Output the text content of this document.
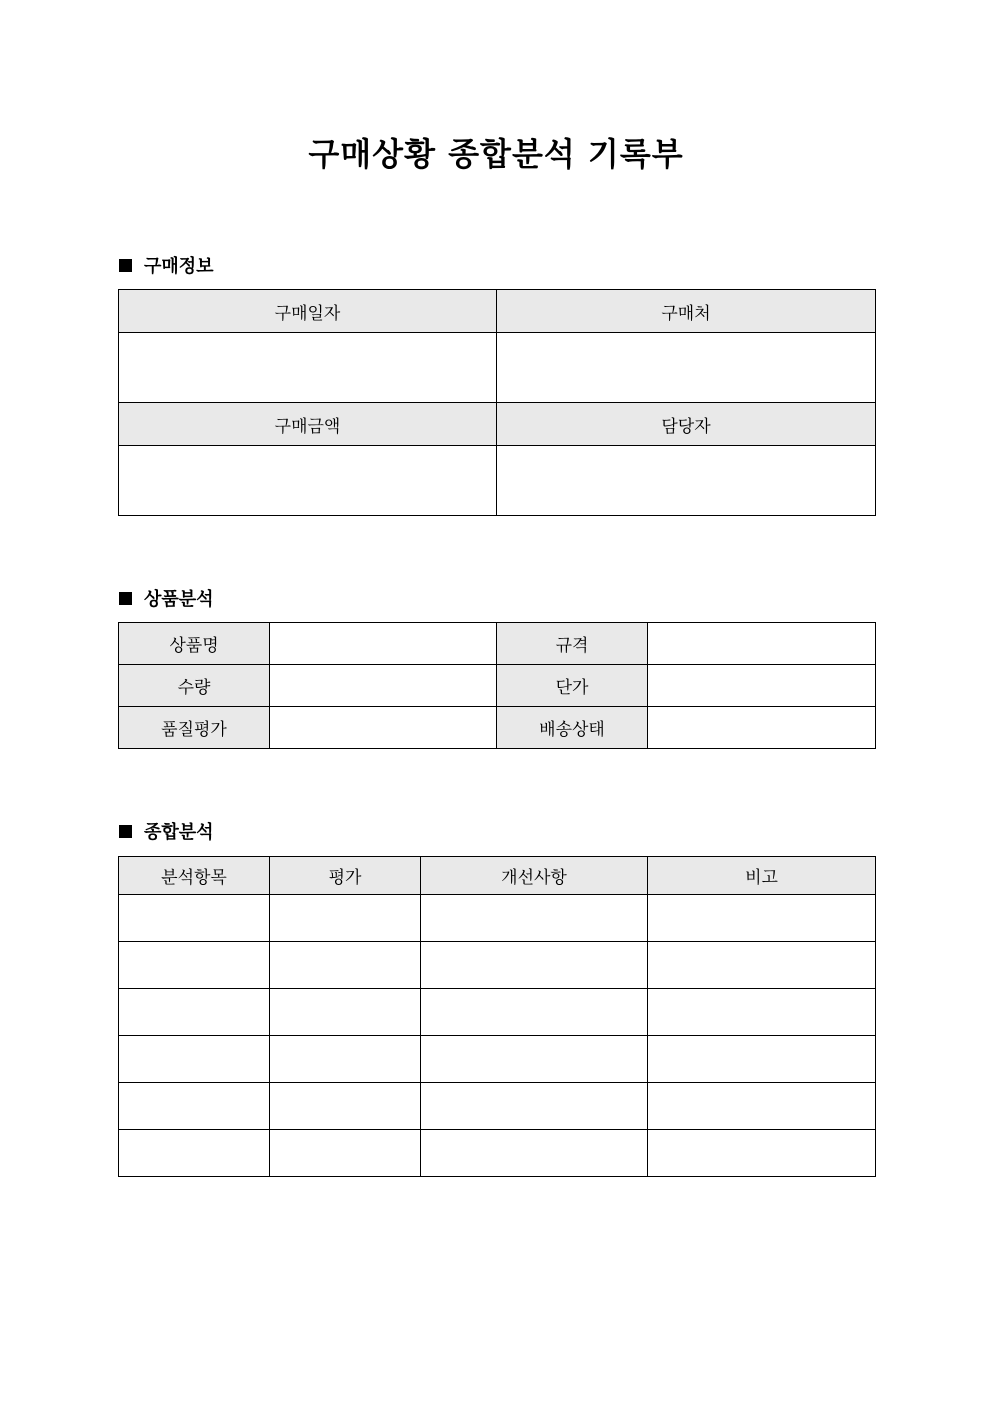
구매상황 종합분석 기록부
구매정보
구매일자	구매처

구매금액	담당자

상품분석
상품명		규격	
수량		단가	
품질평가		배송상태	
종합분석
분석항목	평가	개선사항	비고
